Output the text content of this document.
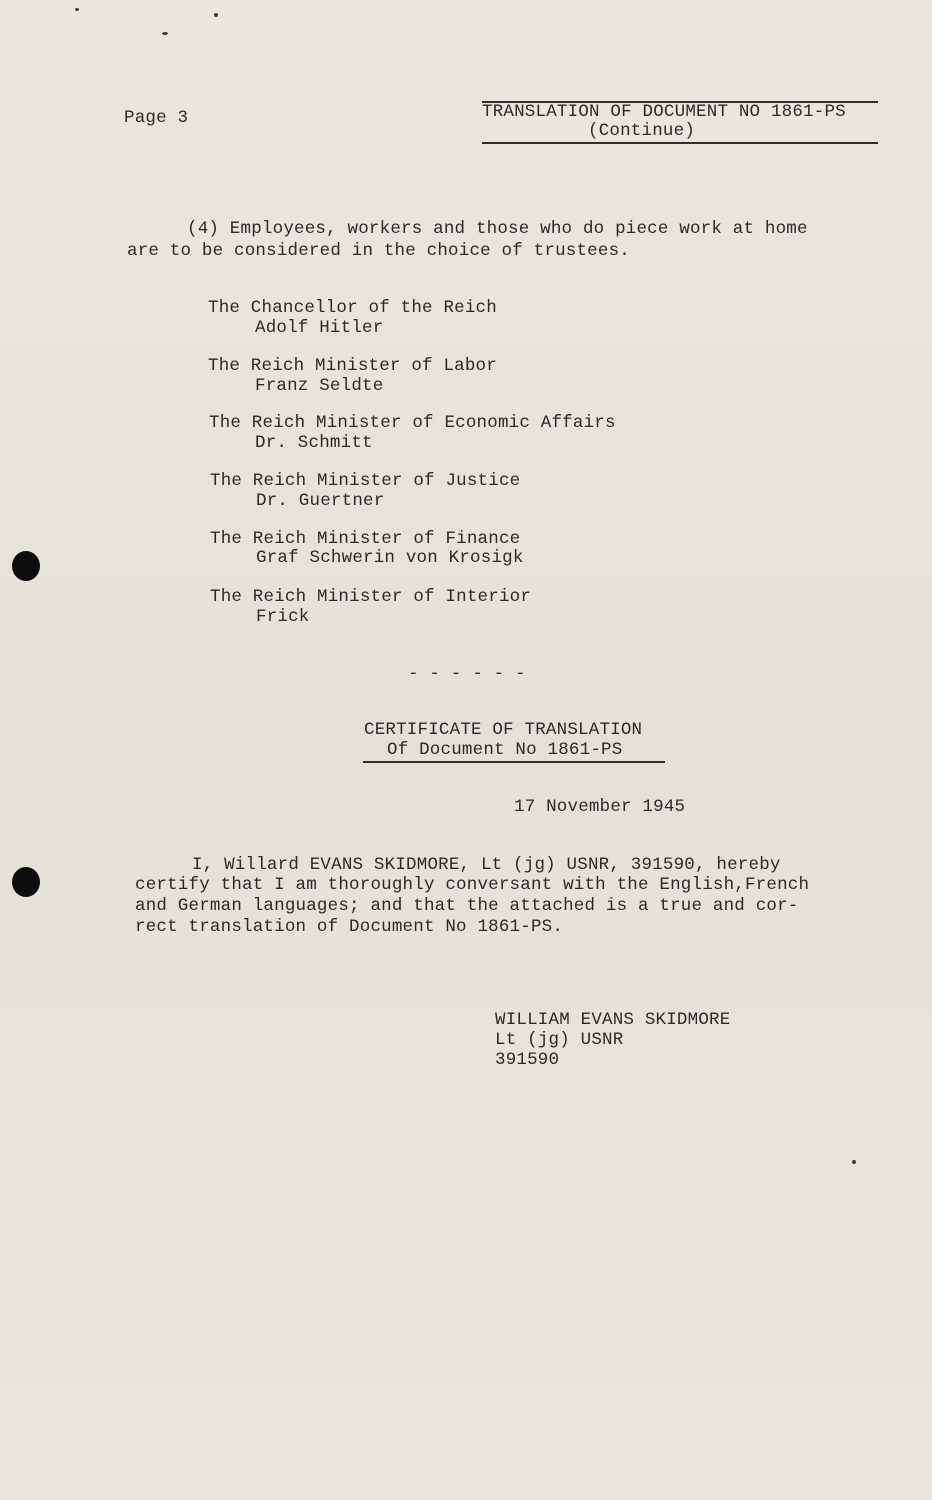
Page 3	TRANSLATION OF DOCUMENT NO 1861-PS
(Continue)
(4) Employees, workers and those who do piece work at home
are to be considered in the choice of trustees.
The Chancellor of the Reich
Adolf Hitler
The Reich Minister of Labor
Franz Seldte
The Reich Minister of Economic Affairs
Dr. Schmitt
The Reich Minister of Justice
Dr. Guertner
The Reich Minister of Finance
Graf Schwerin von Krosigk
The Reich Minister of Interior
Frick
- - - - - -
CERTIFICATE OF TRANSLATION
Of Document No 1861-PS
17 November 1945
I, Willard EVANS SKIDMORE, Lt (jg) USNR, 391590, hereby
certify that I am thoroughly conversant with the English,French
and German languages; and that the attached is a true and cor-
rect translation of Document No 1861-PS.
WILLIAM EVANS SKIDMORE
Lt (jg) USNR
391590
